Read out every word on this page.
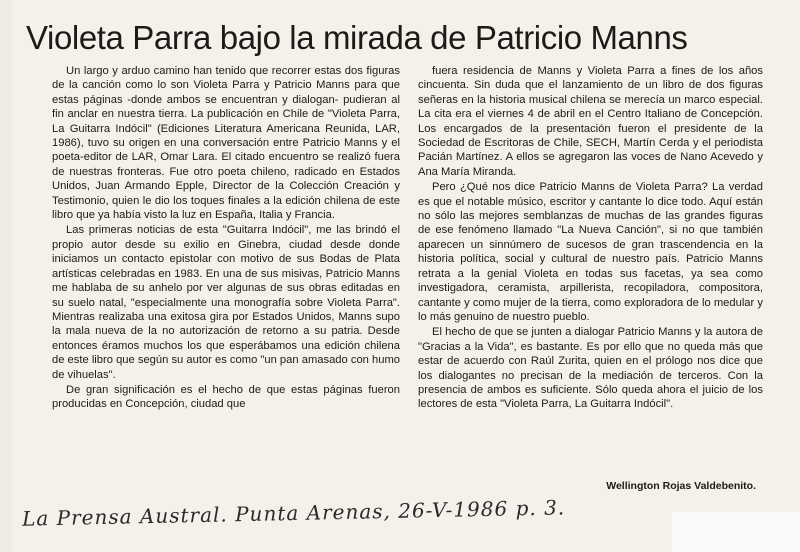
Violeta Parra bajo la mirada de Patricio Manns

Un largo y arduo camino han tenido que recorrer estas dos figuras de la canción como lo son Violeta Parra y Patricio Manns para que estas páginas -donde ambos se encuentran y dialogan- pudieran al fin anclar en nuestra tierra. La publicación en Chile de "Violeta Parra, La Guitarra Indócil" (Ediciones Literatura Americana Reunida, LAR, 1986), tuvo su origen en una conversación entre Patricio Manns y el poeta-editor de LAR, Omar Lara. El citado encuentro se realizó fuera de nuestras fronteras. Fue otro poeta chileno, radicado en Estados Unidos, Juan Armando Epple, Director de la Colección Creación y Testimonio, quien le dio los toques finales a la edición chilena de este libro que ya había visto la luz en España, Italia y Francia.

Las primeras noticias de esta "Guitarra Indócil", me las brindó el propio autor desde su exilio en Ginebra, ciudad desde donde iniciamos un contacto epistolar con motivo de sus Bodas de Plata artísticas celebradas en 1983. En una de sus misivas, Patricio Manns me hablaba de su anhelo por ver algunas de sus obras editadas en su suelo natal, "especialmente una monografía sobre Violeta Parra". Mientras realizaba una exitosa gira por Estados Unidos, Manns supo la mala nueva de la no autorización de retorno a su patria. Desde entonces éramos muchos los que esperábamos una edición chilena de este libro que según su autor es como "un pan amasado con humo de vihuelas".

De gran significación es el hecho de que estas páginas fueron producidas en Concepción, ciudad que

fuera residencia de Manns y Violeta Parra a fines de los años cincuenta. Sin duda que el lanzamiento de un libro de dos figuras señeras en la historia musical chilena se merecía un marco especial. La cita era el viernes 4 de abril en el Centro Italiano de Concepción. Los encargados de la presentación fueron el presidente de la Sociedad de Escritoras de Chile, SECH, Martín Cerda y el periodista Pacián Martínez. A ellos se agregaron las voces de Nano Acevedo y Ana María Miranda.

Pero ¿Qué nos dice Patricio Manns de Violeta Parra? La verdad es que el notable músico, escritor y cantante lo dice todo. Aquí están no sólo las mejores semblanzas de muchas de las grandes figuras de ese fenómeno llamado "La Nueva Canción", si no que también aparecen un sinnúmero de sucesos de gran trascendencia en la historia política, social y cultural de nuestro país. Patricio Manns retrata a la genial Violeta en todas sus facetas, ya sea como investigadora, ceramista, arpillerista, recopiladora, compositora, cantante y como mujer de la tierra, como exploradora de lo medular y lo más genuino de nuestro pueblo.

El hecho de que se junten a dialogar Patricio Manns y la autora de "Gracias a la Vida", es bastante. Es por ello que no queda más que estar de acuerdo con Raúl Zurita, quien en el prólogo nos dice que los dialogantes no precisan de la mediación de terceros. Con la presencia de ambos es suficiente. Sólo queda ahora el juicio de los lectores de esta "Violeta Parra, La Guitarra Indócil".

Wellington Rojas Valdebenito.
La Prensa Austral. Punta Arenas, 26-V-1986 p. 3.
